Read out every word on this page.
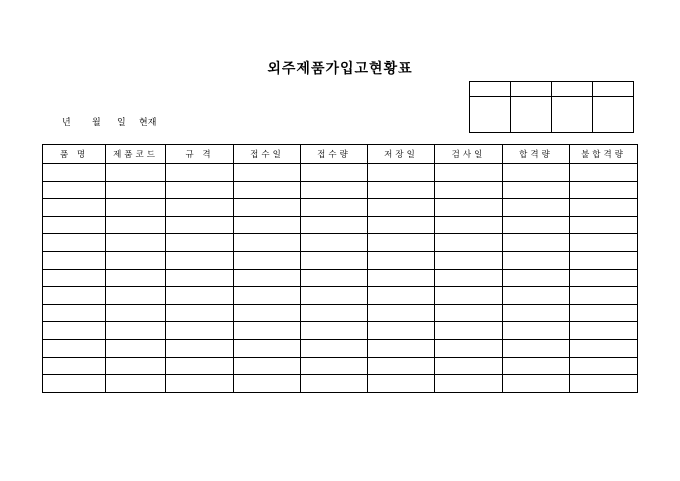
외주제품가입고현황표
년	월	일	현재

품 명	제품코드	규 격	접수일	접수량	저장일	검사일	합격량	불합격량
